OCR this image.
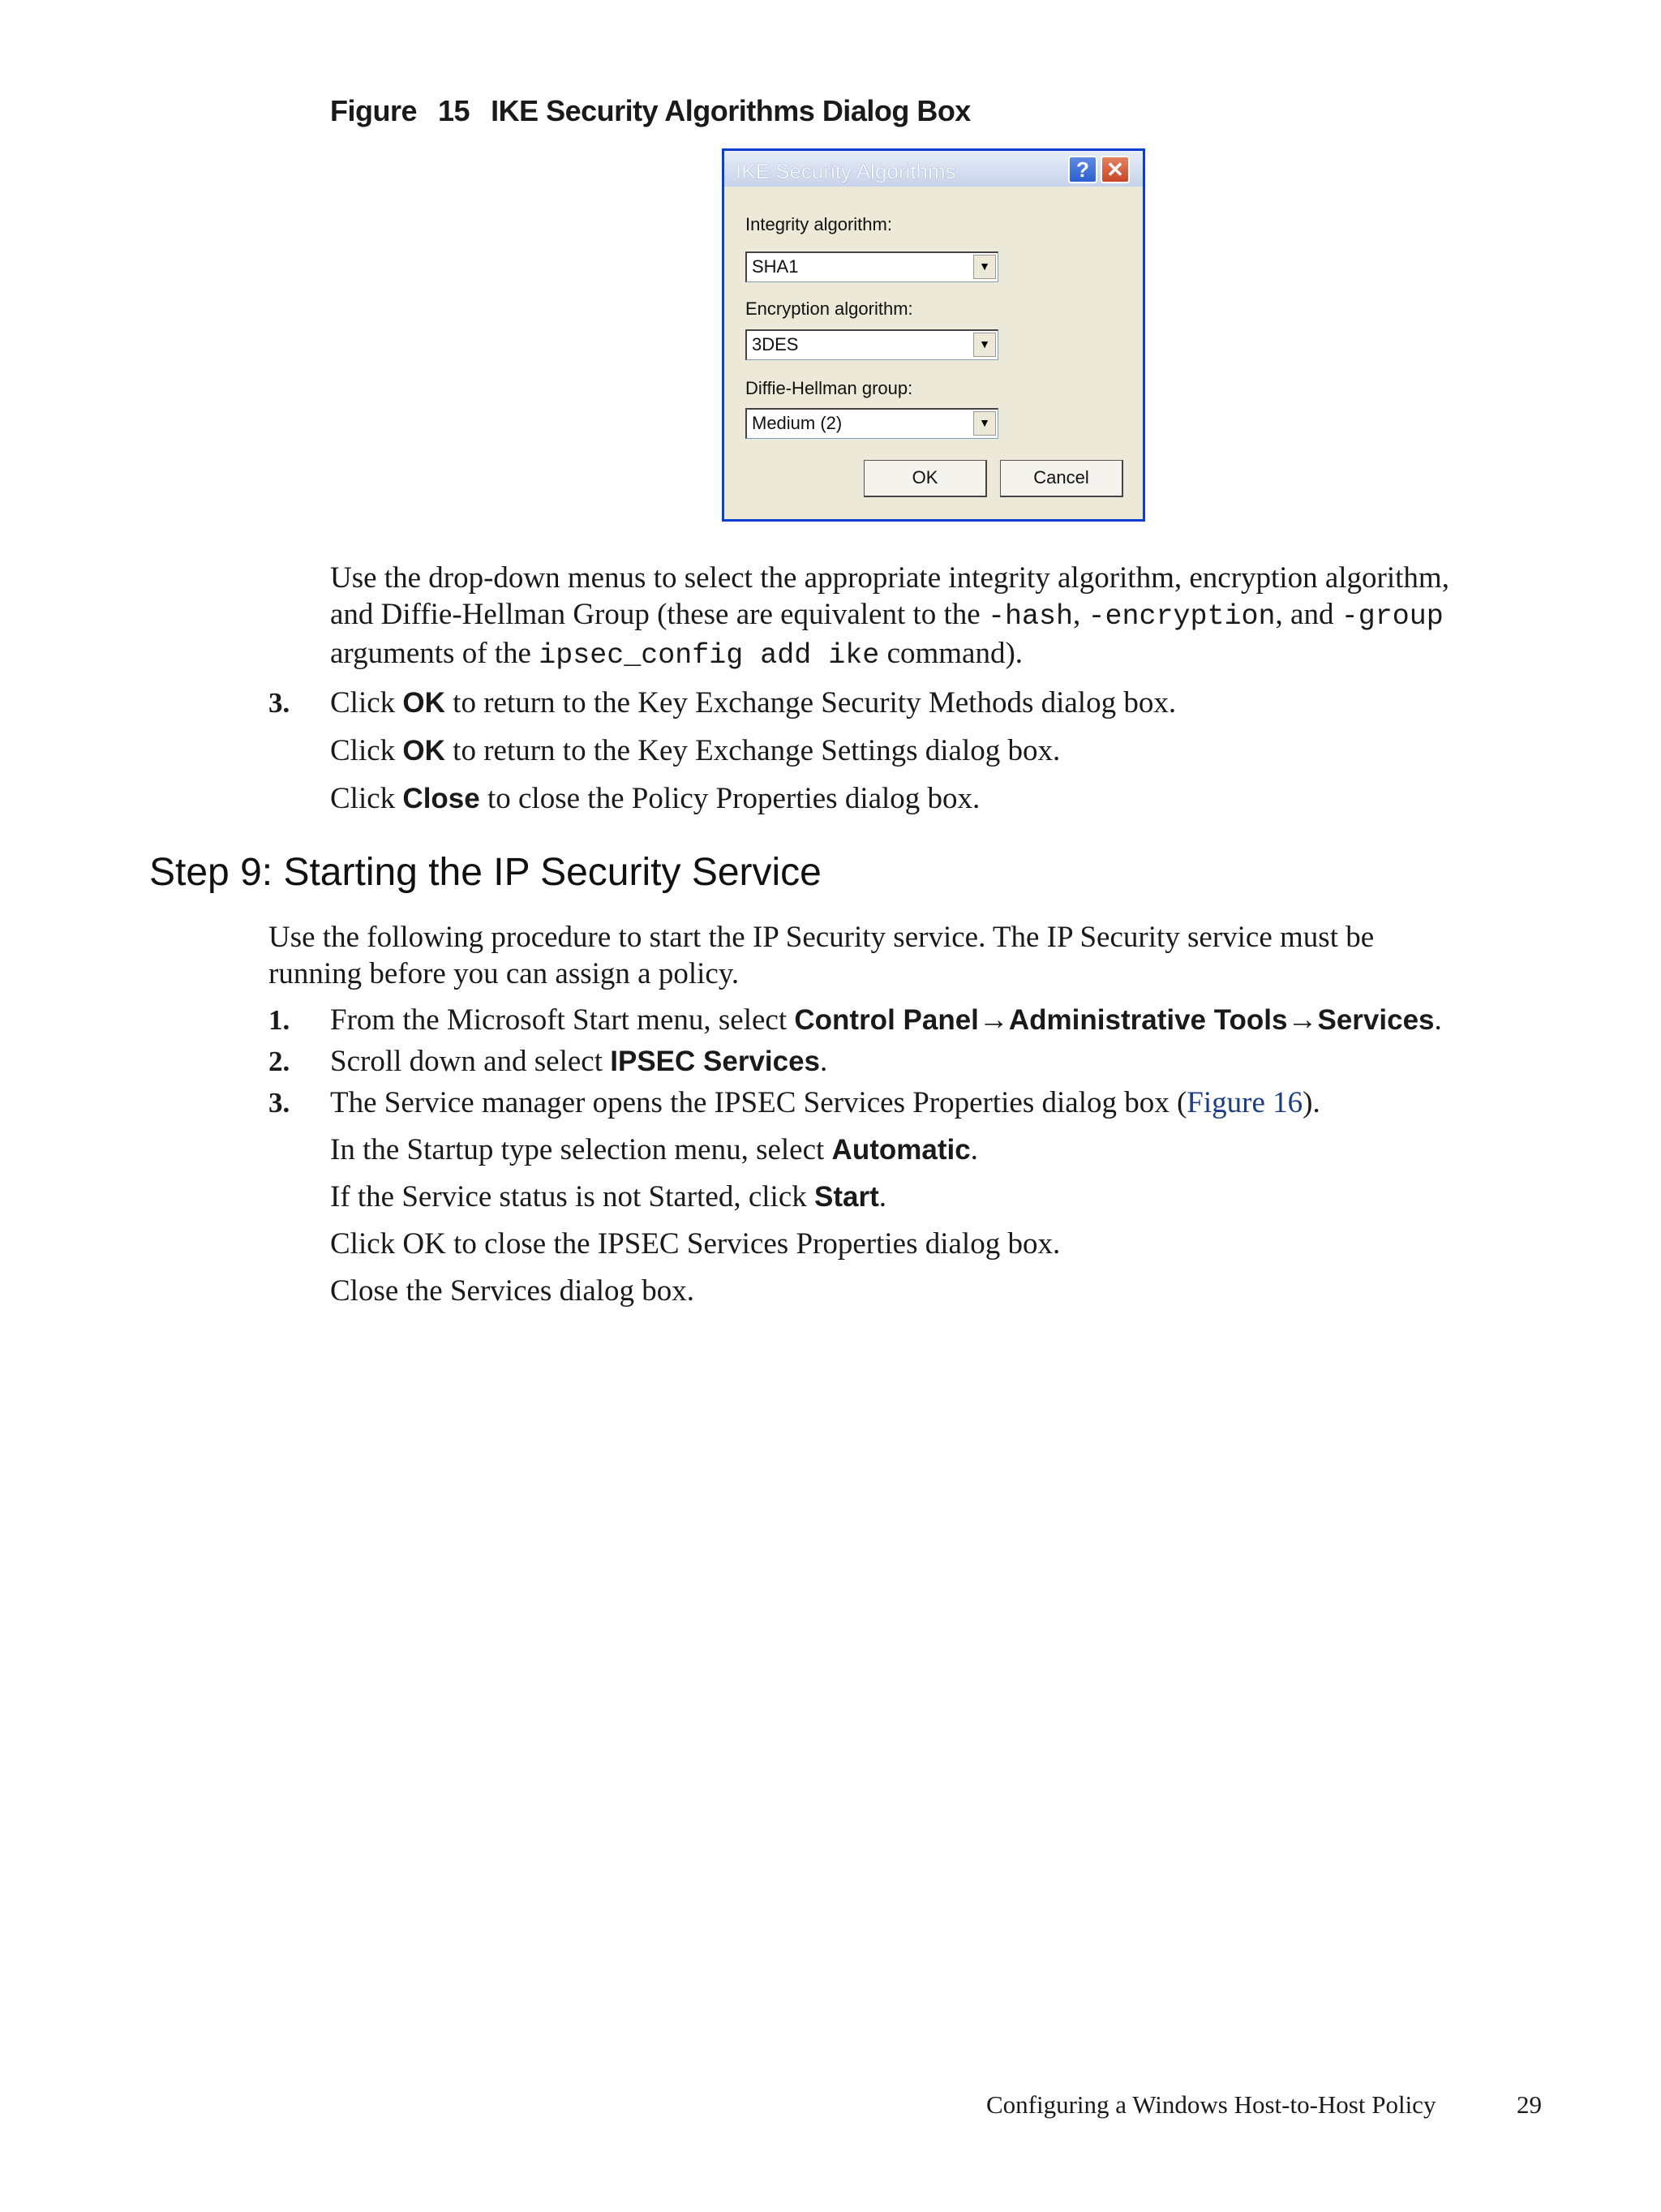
Figure 15 IKE Security Algorithms Dialog Box
IKE Security Algorithms	? ✕
Integrity algorithm:
SHA1	▼
Encryption algorithm:
3DES	▼
Diffie-Hellman group:
Medium (2)	▼
OK	Cancel
Use the drop-down menus to select the appropriate integrity algorithm, encryption algorithm,
and Diffie-Hellman Group (these are equivalent to the -hash, -encryption, and -group
arguments of the ipsec_config add ike command).
3. Click OK to return to the Key Exchange Security Methods dialog box.
Click OK to return to the Key Exchange Settings dialog box.
Click Close to close the Policy Properties dialog box.
Step 9: Starting the IP Security Service
Use the following procedure to start the IP Security service. The IP Security service must be
running before you can assign a policy.
1. From the Microsoft Start menu, select Control Panel→Administrative Tools→Services.
2. Scroll down and select IPSEC Services.
3. The Service manager opens the IPSEC Services Properties dialog box (Figure 16).
In the Startup type selection menu, select Automatic.
If the Service status is not Started, click Start.
Click OK to close the IPSEC Services Properties dialog box.
Close the Services dialog box.
Configuring a Windows Host-to-Host Policy	29
